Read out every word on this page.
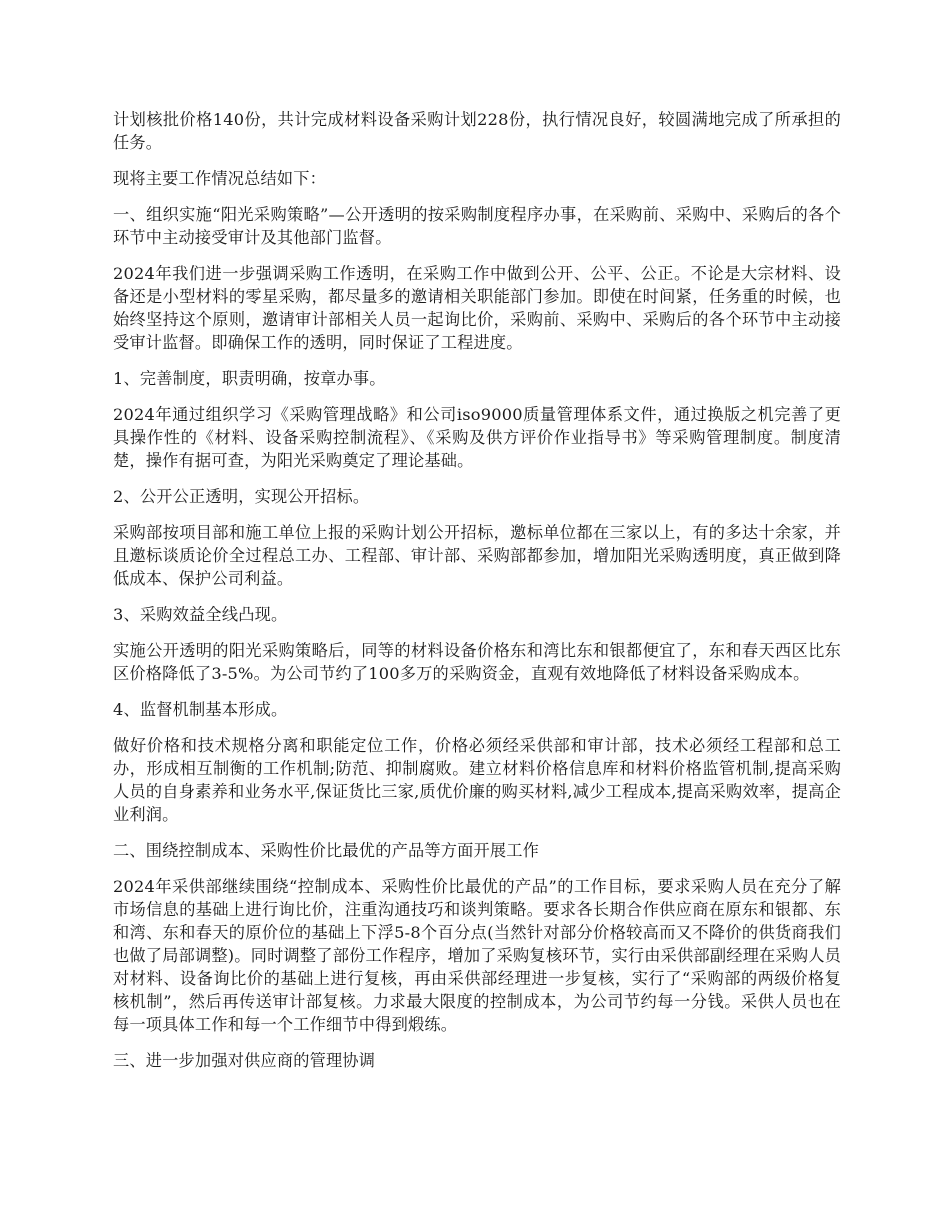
计划核批价格140份，共计完成材料设备采购计划228份，执行情况良好，较圆满地完成了所承担的任务。

现将主要工作情况总结如下：

一、组织实施“阳光采购策略”—公开透明的按采购制度程序办事，在采购前、采购中、采购后的各个环节中主动接受审计及其他部门监督。

2024年我们进一步强调采购工作透明，在采购工作中做到公开、公平、公正。不论是大宗材料、设备还是小型材料的零星采购，都尽量多的邀请相关职能部门参加。即使在时间紧，任务重的时候，也始终坚持这个原则，邀请审计部相关人员一起询比价，采购前、采购中、采购后的各个环节中主动接受审计监督。即确保工作的透明，同时保证了工程进度。

1、完善制度，职责明确，按章办事。

2024年通过组织学习《采购管理战略》和公司iso9000质量管理体系文件，通过换版之机完善了更具操作性的《材料、设备采购控制流程》、《采购及供方评价作业指导书》等采购管理制度。制度清楚，操作有据可查，为阳光采购奠定了理论基础。

2、公开公正透明，实现公开招标。

采购部按项目部和施工单位上报的采购计划公开招标，邀标单位都在三家以上，有的多达十余家，并且邀标谈质论价全过程总工办、工程部、审计部、采购部都参加，增加阳光采购透明度，真正做到降低成本、保护公司利益。

3、采购效益全线凸现。

实施公开透明的阳光采购策略后，同等的材料设备价格东和湾比东和银都便宜了，东和春天西区比东区价格降低了3-5%。为公司节约了100多万的采购资金，直观有效地降低了材料设备采购成本。

4、监督机制基本形成。

做好价格和技术规格分离和职能定位工作，价格必须经采供部和审计部，技术必须经工程部和总工办，形成相互制衡的工作机制;防范、抑制腐败。建立材料价格信息库和材料价格监管机制,提高采购人员的自身素养和业务水平,保证货比三家,质优价廉的购买材料,减少工程成本,提高采购效率，提高企业利润。

二、围绕控制成本、采购性价比最优的产品等方面开展工作

2024年采供部继续围绕“控制成本、采购性价比最优的产品”的工作目标，要求采购人员在充分了解市场信息的基础上进行询比价，注重沟通技巧和谈判策略。要求各长期合作供应商在原东和银都、东和湾、东和春天的原价位的基础上下浮5-8个百分点(当然针对部分价格较高而又不降价的供货商我们也做了局部调整)。同时调整了部份工作程序，增加了采购复核环节，实行由采供部副经理在采购人员对材料、设备询比价的基础上进行复核，再由采供部经理进一步复核，实行了“采购部的两级价格复核机制”，然后再传送审计部复核。力求最大限度的控制成本，为公司节约每一分钱。采供人员也在每一项具体工作和每一个工作细节中得到煅练。

三、进一步加强对供应商的管理协调
